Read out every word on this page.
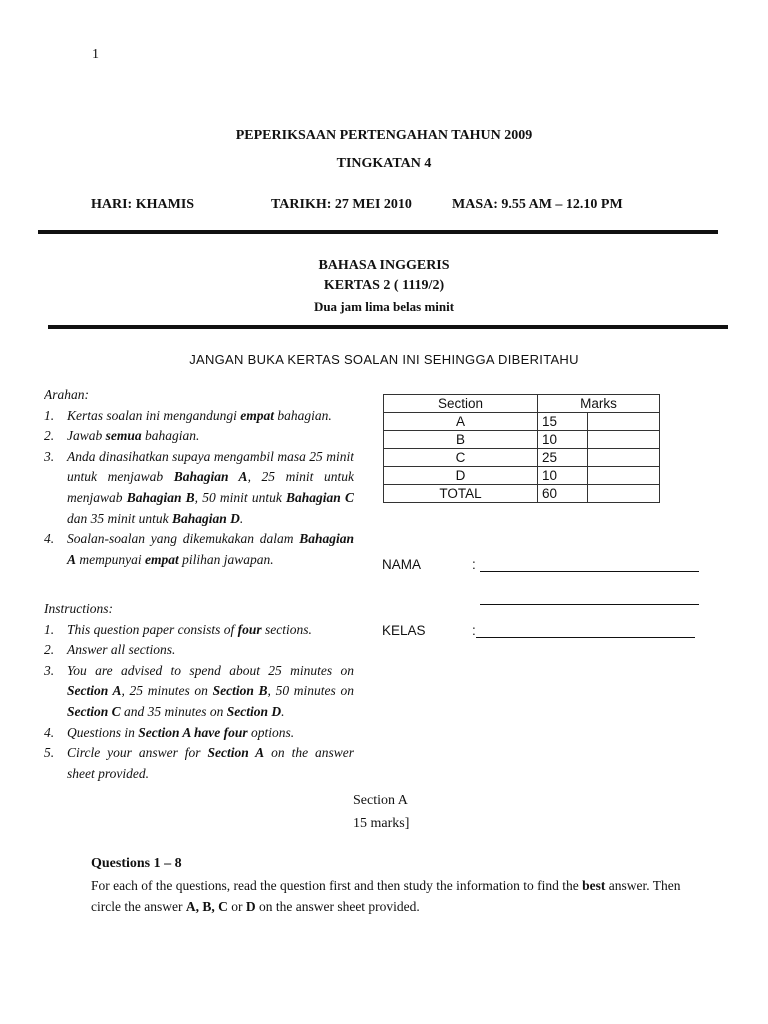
1
PEPERIKSAAN PERTENGAHAN TAHUN 2009
TINGKATAN 4
HARI: KHAMIS	TARIKH: 27 MEI 2010	MASA: 9.55 AM – 12.10 PM
BAHASA INGGERIS
KERTAS 2 ( 1119/2)
Dua jam lima belas minit
JANGAN BUKA KERTAS SOALAN INI SEHINGGA DIBERITAHU
Arahan:
1. Kertas soalan ini mengandungi empat bahagian.
2. Jawab semua bahagian.
3. Anda dinasihatkan supaya mengambil masa 25 minit untuk menjawab Bahagian A, 25 minit untuk menjawab Bahagian B, 50 minit untuk Bahagian C dan 35 minit untuk Bahagian D.
4. Soalan-soalan yang dikemukakan dalam Bahagian A mempunyai empat pilihan jawapan.
Instructions:
1. This question paper consists of four sections.
2. Answer all sections.
3. You are advised to spend about 25 minutes on Section A, 25 minutes on Section B, 50 minutes on Section C and 35 minutes on Section D.
4. Questions in Section A have four options.
5. Circle your answer for Section A on the answer sheet provided.
Section	Marks	
A	15	
B	10	
C	25	
D	10	
TOTAL	60	
NAMA	:
KELAS	:
Section A
15 marks]
Questions 1 – 8
For each of the questions, read the question first and then study the information to find the best answer. Then circle the answer A, B, C or D on the answer sheet provided.
